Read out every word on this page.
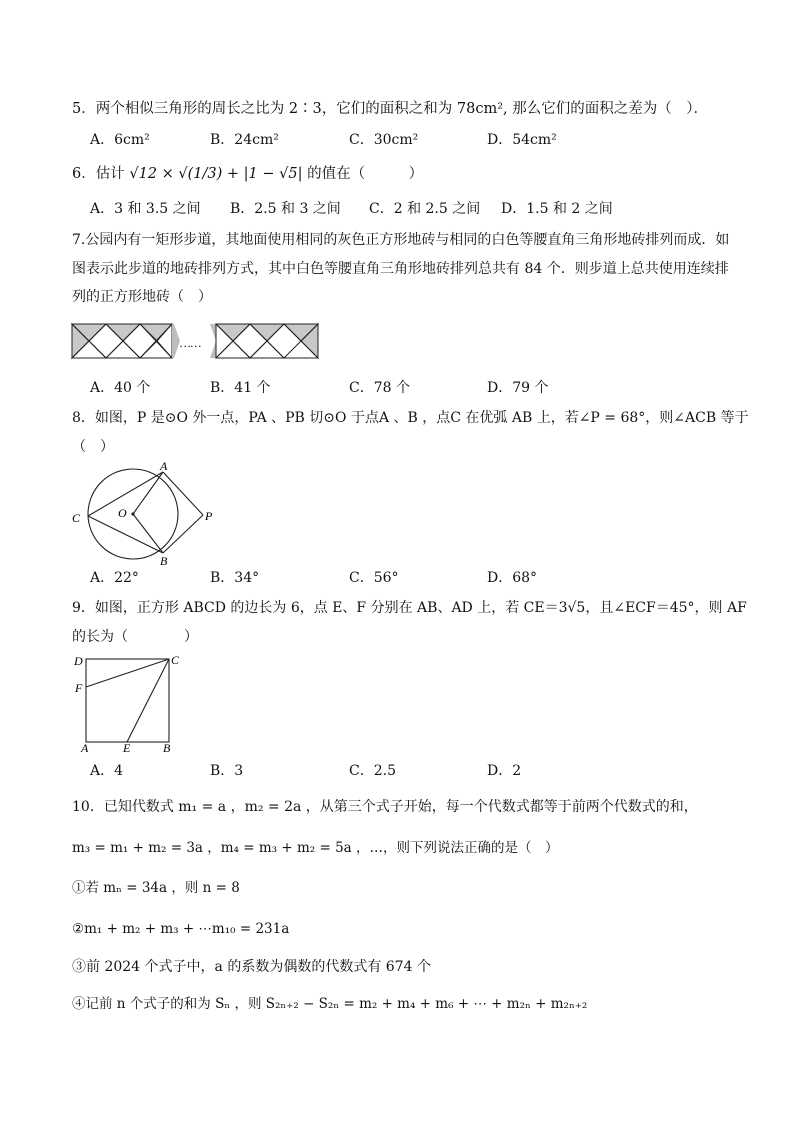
5．两个相似三角形的周长之比为 2∶3，它们的面积之和为 78cm², 那么它们的面积之差为（　）．
A．6cm²	B．24cm²	C．30cm²	D．54cm²
6．估计 √12 × √(1/3) + |1 − √5| 的值在（　　　）
A．3 和 3.5 之间 B．2.5 和 3 之间 C．2 和 2.5 之间 D．1.5 和 2 之间
7.公园内有一矩形步道，其地面使用相同的灰色正方形地砖与相同的白色等腰直角三角形地砖排列而成．如
图表示此步道的地砖排列方式，其中白色等腰直角三角形地砖排列总共有 84 个．则步道上总共使用连续排
列的正方形地砖（　）
……
A．40 个	B．41 个	C．78 个	D．79 个
8．如图，P 是⊙O 外一点，PA 、PB 切⊙O 于点A 、B ，点C 在优弧 AB 上，若∠P = 68°，则∠ACB 等于
（　）
A
B
C	O	P
A．22°	B．34°	C．56°	D．68°
9．如图，正方形 ABCD 的边长为 6，点 E、F 分别在 AB、AD 上，若 CE＝3√5，且∠ECF＝45°，则 AF
的长为（　　　　）
D	C
F
A	E	B
A．4	B．3	C．2.5	D．2
10．已知代数式 m₁ = a ，m₂ = 2a ，从第三个式子开始，每一个代数式都等于前两个代数式的和，
m₃ = m₁ + m₂ = 3a ，m₄ = m₃ + m₂ = 5a ，…，则下列说法正确的是（　）
①若 mₙ = 34a ，则 n = 8
②m₁ + m₂ + m₃ + ⋯m₁₀ = 231a
③前 2024 个式子中，a 的系数为偶数的代数式有 674 个
④记前 n 个式子的和为 Sₙ ，则 S₂ₙ₊₂ − S₂ₙ = m₂ + m₄ + m₆ + ⋯ + m₂ₙ + m₂ₙ₊₂
